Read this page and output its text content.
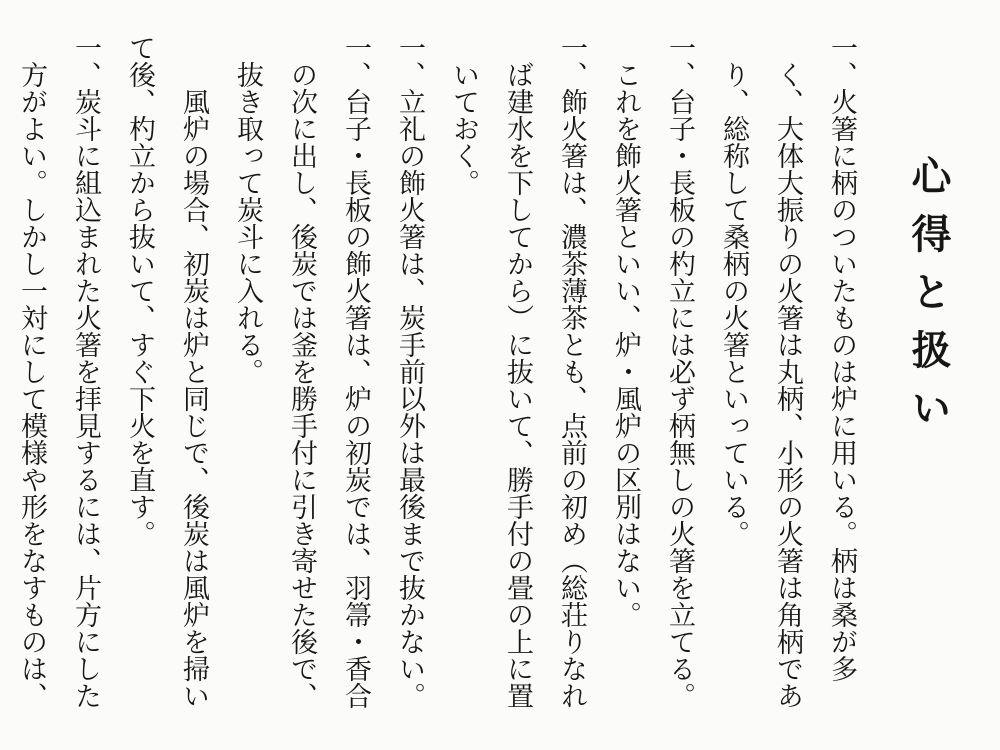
心得と扱い

一、火箸に柄のついたものは炉に用いる。柄は桑が多く、大体大振りの火箸は丸柄、小形の火箸は角柄であり、総称して桑柄の火箸といっている。

一、台子・長板の杓立には必ず柄無しの火箸を立てる。これを飾火箸といい、炉・風炉の区別はない。

一、飾火箸は、濃茶薄茶とも、点前の初め（総荘りなれば建水を下してから）に抜いて、勝手付の畳の上に置いておく。

一、立礼の飾火箸は、炭手前以外は最後まで抜かない。

一、台子・長板の飾火箸は、炉の初炭では、羽箒・香合の次に出し、後炭では釜を勝手付に引き寄せた後で、抜き取って炭斗に入れる。

風炉の場合、初炭は炉と同じで、後炭は風炉を掃いて後、杓立から抜いて、すぐ下火を直す。

一、炭斗に組込まれた火箸を拝見するには、片方にした方がよい。しかし一対にして模様や形をなすものは、
